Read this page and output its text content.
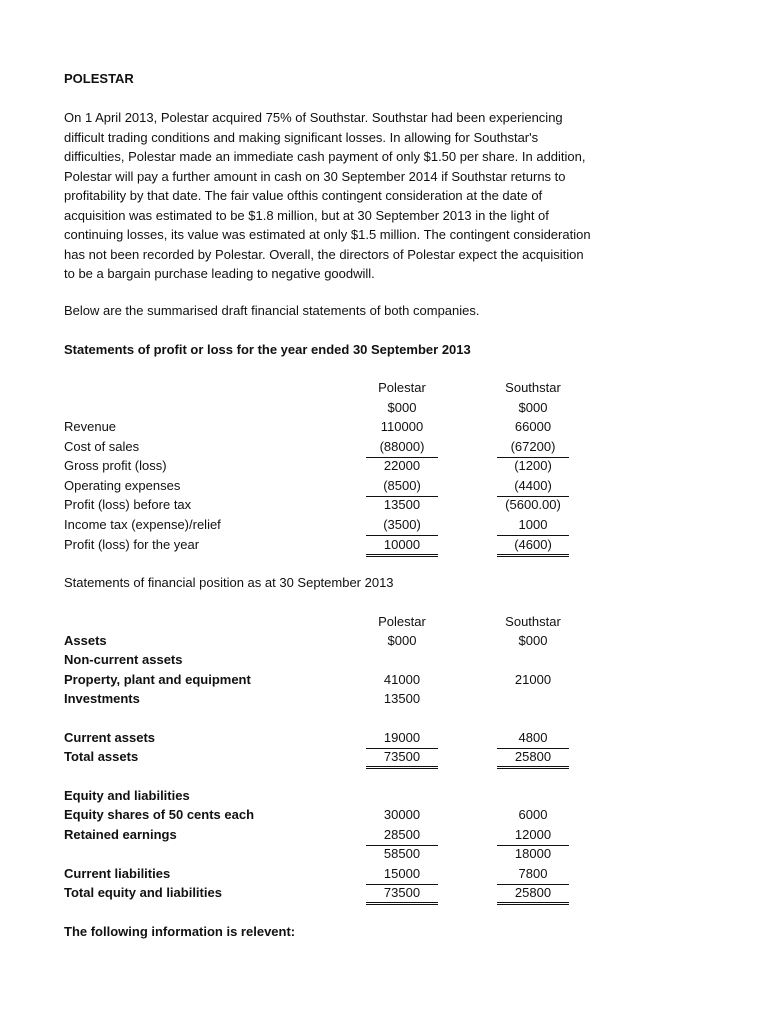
POLESTAR
On 1 April 2013, Polestar acquired 75% of Southstar. Southstar had been experiencing
difficult trading conditions and making significant losses. In allowing for Southstar's
difficulties, Polestar made an immediate cash payment of only $1.50 per share. In addition,
Polestar will pay a further amount in cash on 30 September 2014 if Southstar returns to
profitability by that date. The fair value ofthis contingent consideration at the date of
acquisition was estimated to be $1.8 million, but at 30 September 2013 in the light of
continuing losses, its value was estimated at only $1.5 million. The contingent consideration
has not been recorded by Polestar. Overall, the directors of Polestar expect the acquisition
to be a bargain purchase leading to negative goodwill.
Below are the summarised draft financial statements of both companies.
Statements of profit or loss for the year ended 30 September 2013
Polestar	Southstar
$000	$000
Revenue	110000	66000
Cost of sales	(88000)	(67200)
Gross profit (loss)	22000	(1200)
Operating expenses	(8500)	(4400)
Profit (loss) before tax	13500	(5600.00)
Income tax (expense)/relief	(3500)	1000
Profit (loss) for the year	10000	(4600)
Statements of financial position as at 30 September 2013
Polestar	Southstar
Assets	$000	$000
Non-current assets
Property, plant and equipment	41000	21000
Investments	13500
Current assets	19000	4800
Total assets	73500	25800
Equity and liabilities
Equity shares of 50 cents each	30000	6000
Retained earnings	28500	12000
58500	18000
Current liabilities	15000	7800
Total equity and liabilities	73500	25800
The following information is relevent:
